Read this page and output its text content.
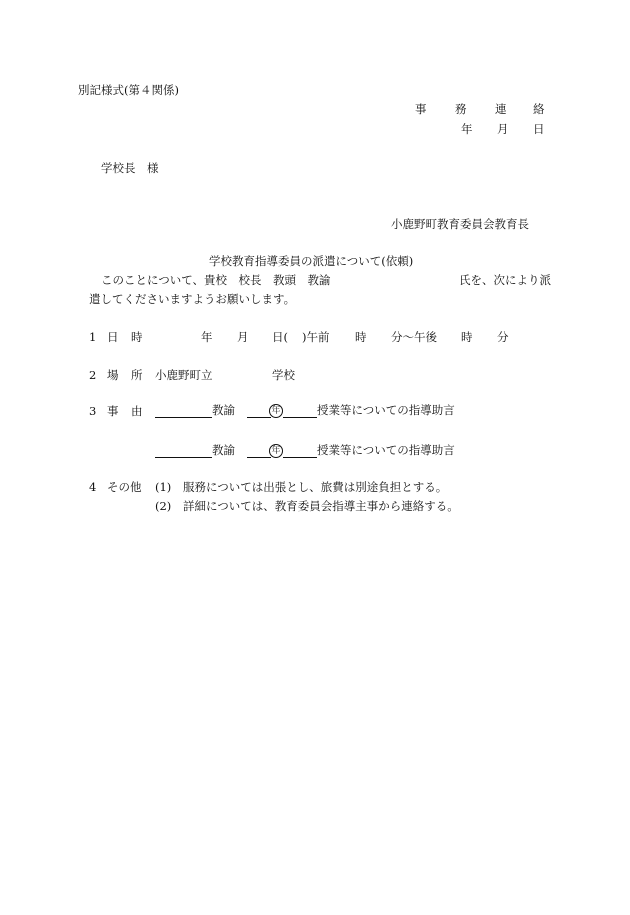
別記様式(第４関係)
事 務 連 絡
年 月 日
学校長　様
小鹿野町教育委員会教育長
学校教育指導委員の派遣について(依頼)
このことについて、貴校　校長　教頭　教諭	氏を、次により派
遣してくださいますようお願いします。
1 日 時	年 月 日( )午前 時 分〜午後 時 分
2 場 所 小鹿野町立	学校
3 事 由	教諭	年	授業等についての指導助言
教諭	年	授業等についての指導助言
4 その他 (1) 服務については出張とし、旅費は別途負担とする。
(2) 詳細については、教育委員会指導主事から連絡する。
